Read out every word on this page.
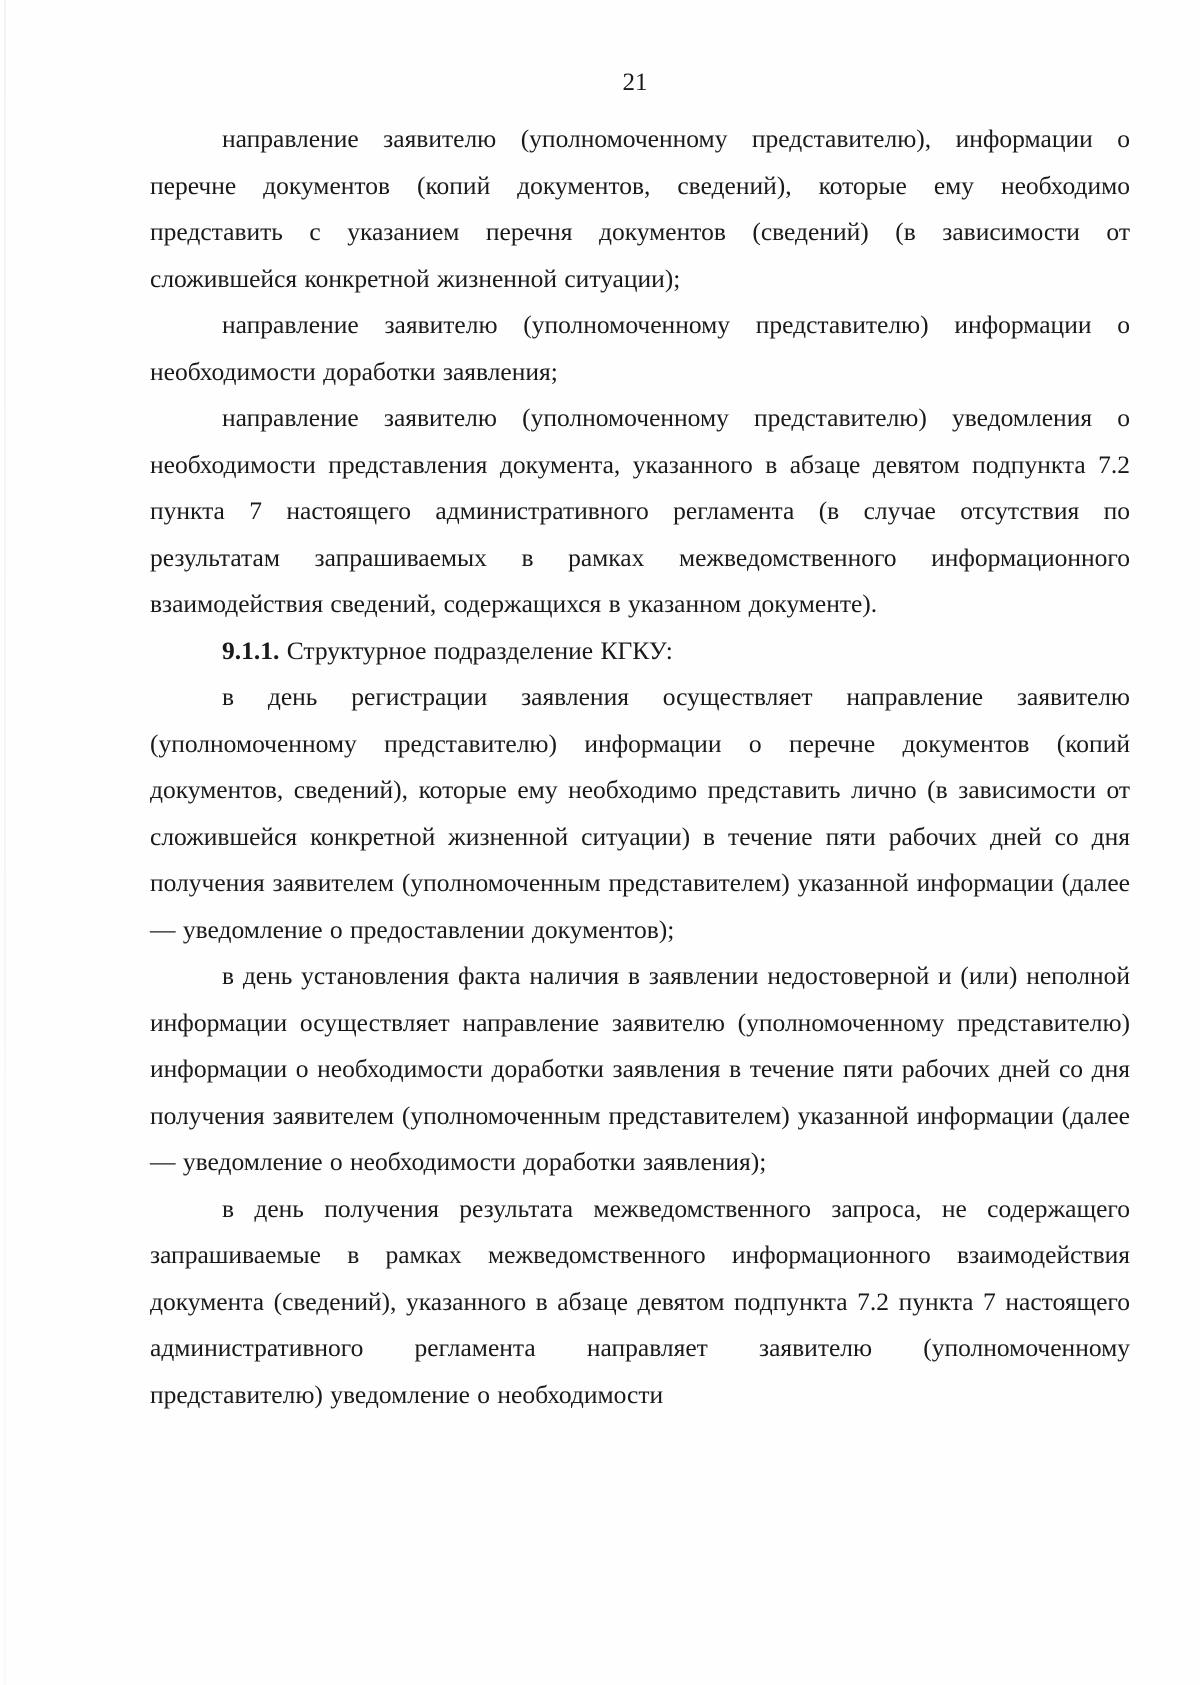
21

направление заявителю (уполномоченному представителю), информации о перечне документов (копий документов, сведений), которые ему необходимо представить с указанием перечня документов (сведений) (в зависимости от сложившейся конкретной жизненной ситуации);

направление заявителю (уполномоченному представителю) информации о необходимости доработки заявления;

направление заявителю (уполномоченному представителю) уведомления о необходимости представления документа, указанного в абзаце девятом подпункта 7.2 пункта 7 настоящего административного регламента (в случае отсутствия по результатам запрашиваемых в рамках межведомственного информационного взаимодействия сведений, содержащихся в указанном документе).

9.1.1. Структурное подразделение КГКУ:

в день регистрации заявления осуществляет направление заявителю (уполномоченному представителю) информации о перечне документов (копий документов, сведений), которые ему необходимо представить лично (в зависимости от сложившейся конкретной жизненной ситуации) в течение пяти рабочих дней со дня получения заявителем (уполномоченным представителем) указанной информации (далее — уведомление о предоставлении документов);

в день установления факта наличия в заявлении недостоверной и (или) неполной информации осуществляет направление заявителю (уполномоченному представителю) информации о необходимости доработки заявления в течение пяти рабочих дней со дня получения заявителем (уполномоченным представителем) указанной информации (далее — уведомление о необходимости доработки заявления);

в день получения результата межведомственного запроса, не содержащего запрашиваемые в рамках межведомственного информационного взаимодействия документа (сведений), указанного в абзаце девятом подпункта 7.2 пункта 7 настоящего административного регламента направляет заявителю (уполномоченному представителю) уведомление о необходимости
